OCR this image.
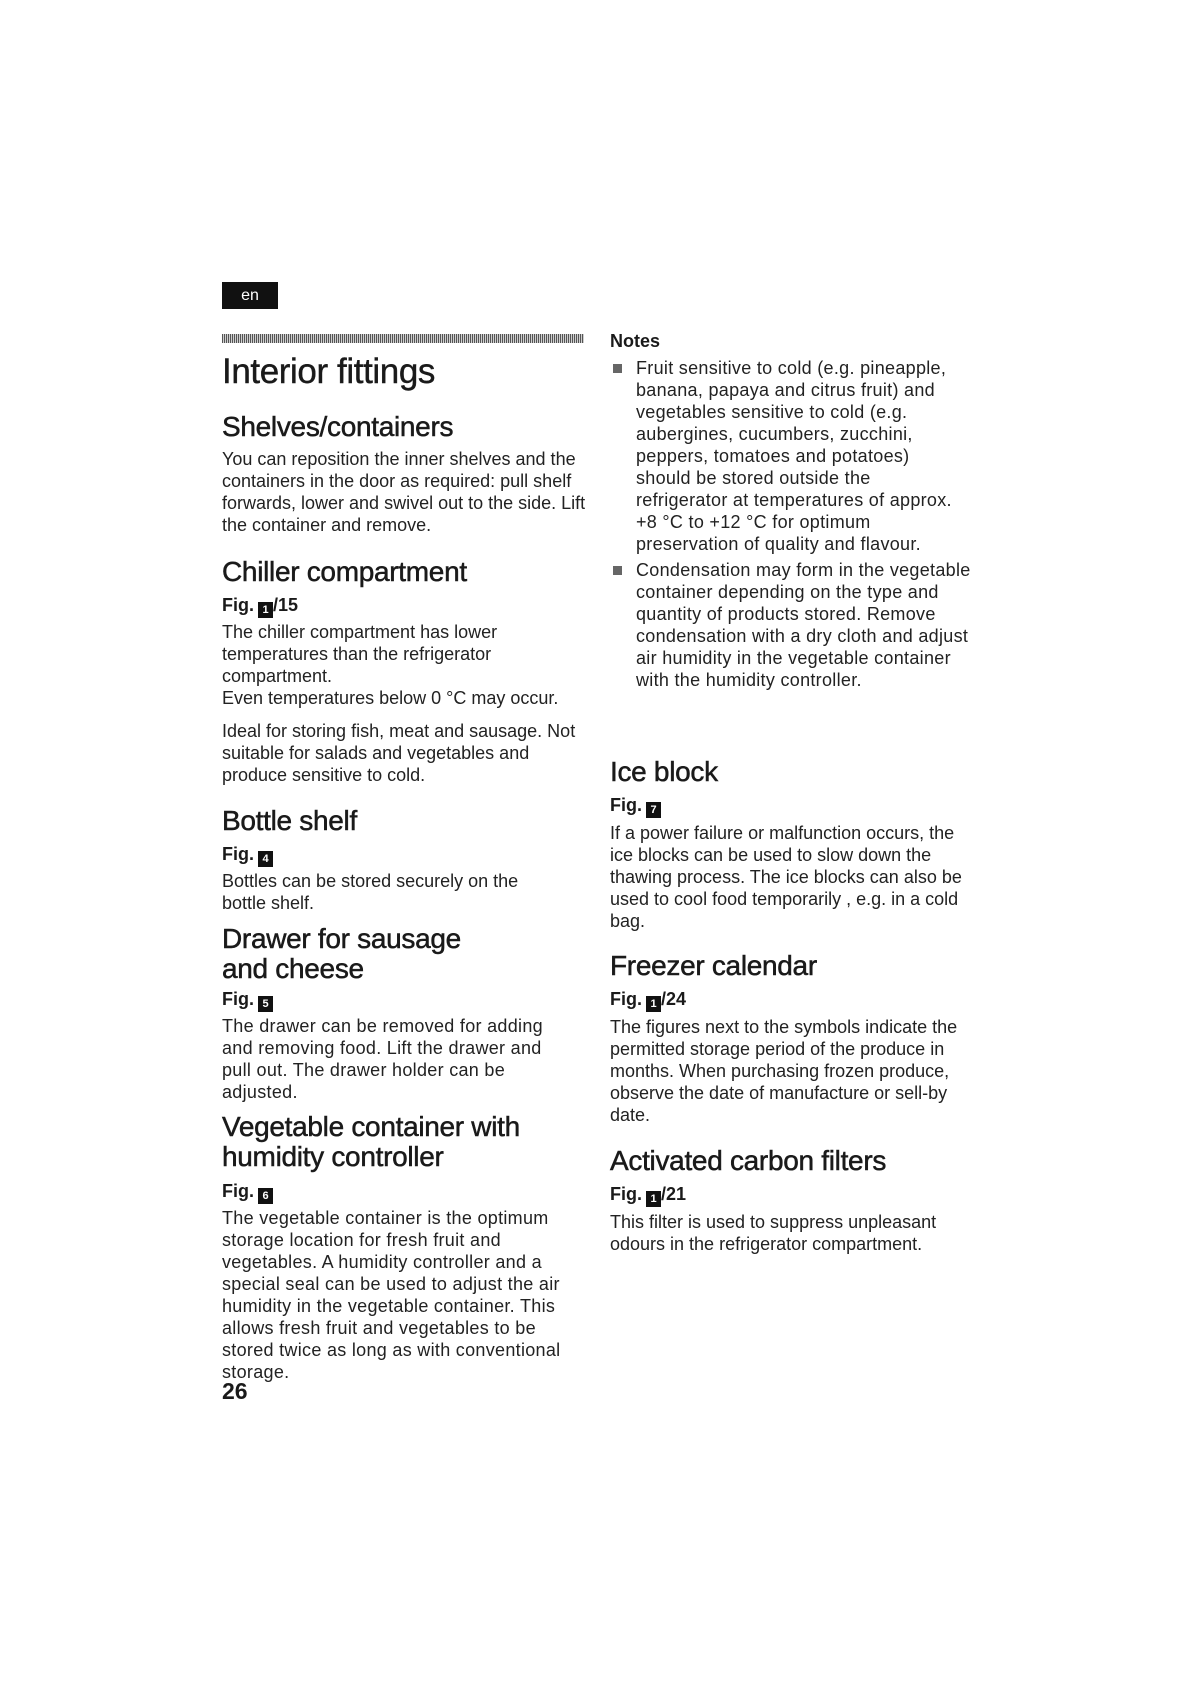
en
Interior fittings
Shelves/containers

You can reposition the inner shelves and the containers in the door as required: pull shelf forwards, lower and swivel out to the side. Lift the container and remove.

Chiller compartment
Fig. 1 /15

The chiller compartment has lower temperatures than the refrigerator compartment.

Even temperatures below 0 °C may occur.

Ideal for storing fish, meat and sausage. Not suitable for salads and vegetables and produce sensitive to cold.

Bottle shelf
Fig. 4

Bottles can be stored securely on the bottle shelf.

Drawer for sausage
and cheese
Fig. 5

The drawer can be removed for adding and removing food. Lift the drawer and pull out. The drawer holder can be adjusted.

Vegetable container with
humidity controller
Fig. 6

The vegetable container is the optimum storage location for fresh fruit and vegetables. A humidity controller and a special seal can be used to adjust the air humidity in the vegetable container. This allows fresh fruit and vegetables to be stored twice as long as with conventional storage.

Notes
Fruit sensitive to cold (e.g. pineapple, banana, papaya and citrus fruit) and vegetables sensitive to cold (e.g. aubergines, cucumbers, zucchini, peppers, tomatoes and potatoes) should be stored outside the refrigerator at temperatures of approx. +8 °C to +12 °C for optimum preservation of quality and flavour.
Condensation may form in the vegetable container depending on the type and quantity of products stored. Remove condensation with a dry cloth and adjust air humidity in the vegetable container with the humidity controller.
Ice block
Fig. 7

If a power failure or malfunction occurs, the ice blocks can be used to slow down the thawing process. The ice blocks can also be used to cool food temporarily , e.g. in a cold bag.

Freezer calendar
Fig. 1 /24

The figures next to the symbols indicate the permitted storage period of the produce in months. When purchasing frozen produce, observe the date of manufacture or sell-by date.

Activated carbon filters
Fig. 1 /21

This filter is used to suppress unpleasant odours in the refrigerator compartment.

26
